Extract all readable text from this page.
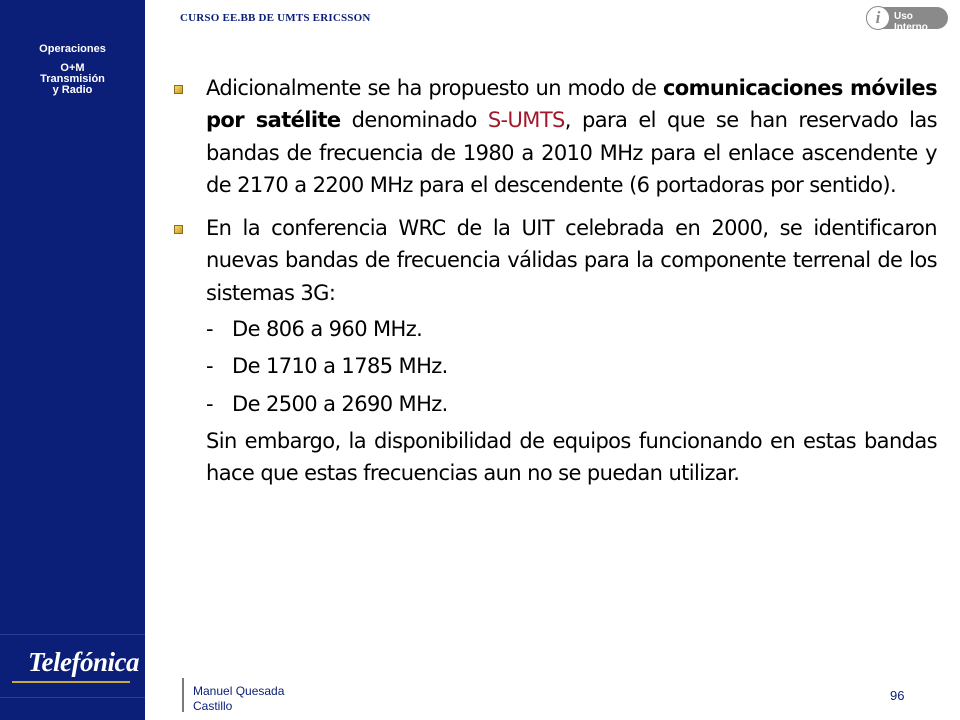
Operaciones
O+M
Transmisión
y Radio
Telefónica
CURSO EE.BB DE UMTS ERICSSON	i	Uso Interno
Adicionalmente se ha propuesto un modo de comunicaciones móviles por satélite denominado S-UMTS, para el que se han reservado las bandas de frecuencia de 1980 a 2010 MHz para el enlace ascendente y de 2170 a 2200 MHz para el descendente (6 portadoras por sentido).
En la conferencia WRC de la UIT celebrada en 2000, se identificaron nuevas bandas de frecuencia válidas para la componente terrenal de los sistemas 3G:
- De 806 a 960 MHz.
- De 1710 a 1785 MHz.
- De 2500 a 2690 MHz.
Sin embargo, la disponibilidad de equipos funcionando en estas bandas hace que estas frecuencias aun no se puedan utilizar.
Manuel Quesada
Castillo
96
